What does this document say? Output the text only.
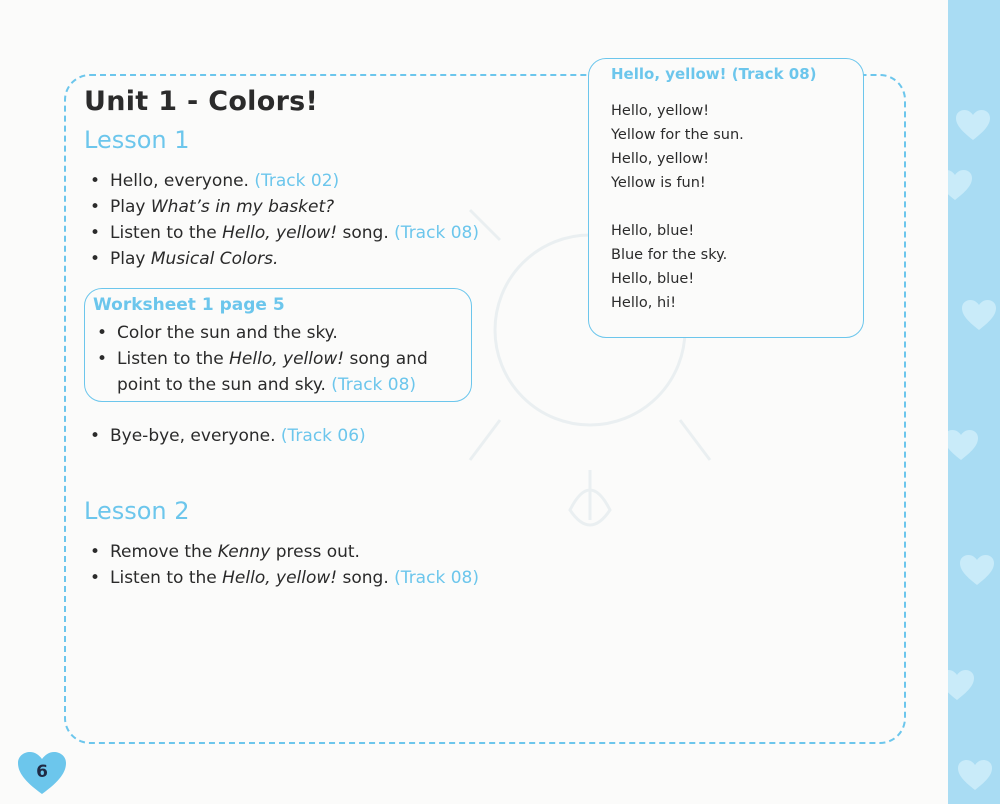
Unit 1 - Colors!
Lesson 1
• Hello, everyone. (Track 02)
• Play What’s in my basket?
• Listen to the Hello, yellow! song. (Track 08)
• Play Musical Colors.
Worksheet 1 page 5
• Color the sun and the sky.
• Listen to the Hello, yellow! song and
point to the sun and sky. (Track 08)
• Bye-bye, everyone. (Track 06)
Lesson 2
• Remove the Kenny press out.
• Listen to the Hello, yellow! song. (Track 08)
Hello, yellow! (Track 08)
Hello, yellow!
Yellow for the sun.
Hello, yellow!
Yellow is fun!
Hello, blue!
Blue for the sky.
Hello, blue!
Hello, hi!
6
